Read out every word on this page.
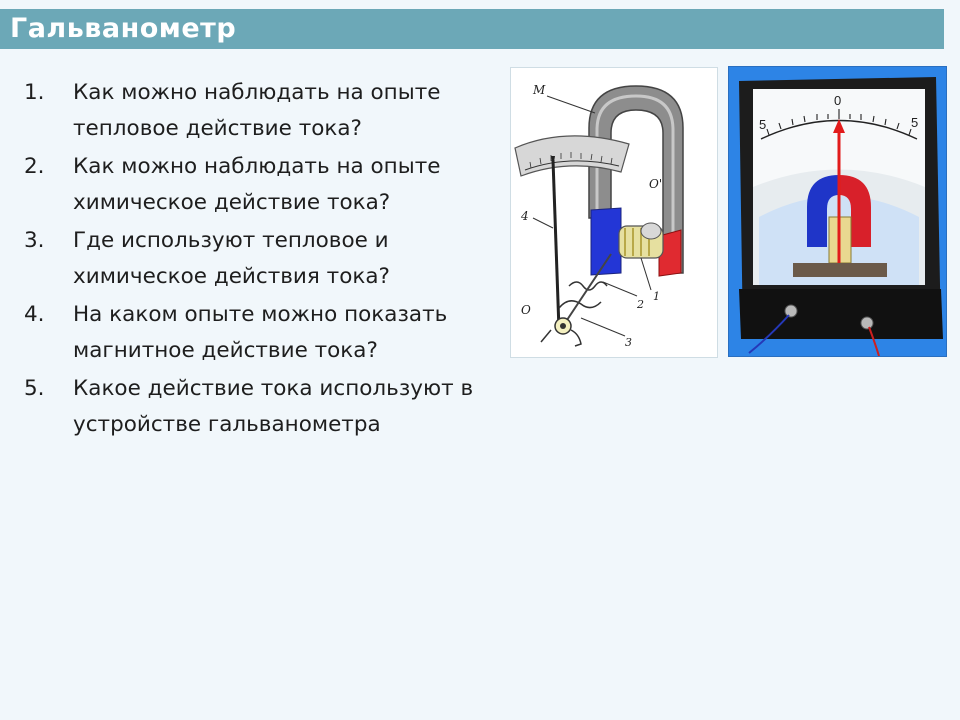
Гальванометр
1. Как можно наблюдать на опыте тепловое действие тока?
2. Как можно наблюдать на опыте химическое действие тока?
3. Где используют тепловое и химическое действия тока?
4. На каком опыте можно показать магнитное действие тока?
5. Какое действие тока используют в устройстве гальванометра
М
О'
4
О
1
2
3
5
0
5
